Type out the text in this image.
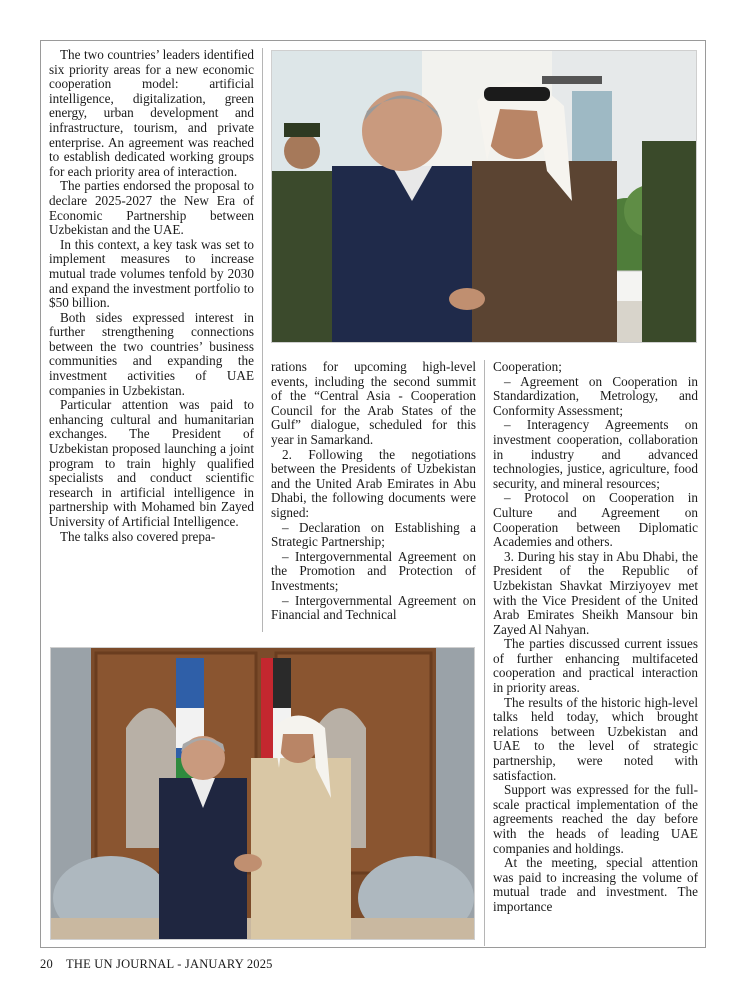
The two countries’ leaders identified six priority areas for a new economic cooperation model: artificial intelligence, digitalization, green energy, urban development and infrastructure, tourism, and private enterprise. An agreement was reached to establish dedicated working groups for each priority area of interaction.

The parties endorsed the proposal to declare 2025-2027 the New Era of Economic Partnership between Uzbekistan and the UAE.

In this context, a key task was set to implement measures to increase mutual trade volumes tenfold by 2030 and expand the investment portfolio to $50 billion.

Both sides expressed interest in further strengthening connections between the two countries’ business communities and expanding the investment activities of UAE companies in Uzbekistan.

Particular attention was paid to enhancing cultural and humanitarian exchanges. The President of Uzbekistan proposed launching a joint program to train highly qualified specialists and conduct scientific research in artificial intelligence in partnership with Mohamed bin Zayed University of Artificial Intelligence.

The talks also covered prepa-

rations for upcoming high-level events, including the second summit of the “Central Asia - Cooperation Council for the Arab States of the Gulf” dialogue, scheduled for this year in Samarkand.

2. Following the negotiations between the Presidents of Uzbekistan and the United Arab Emirates in Abu Dhabi, the following documents were signed:

– Declaration on Establishing a Strategic Partnership;

– Intergovernmental Agreement on the Promotion and Protection of Investments;

– Intergovernmental Agreement on Financial and Technical

Cooperation;

– Agreement on Cooperation in Standardization, Metrology, and Conformity Assessment;

– Interagency Agreements on investment cooperation, collaboration in industry and advanced technologies, justice, agriculture, food security, and mineral resources;

– Protocol on Cooperation in Culture and Agreement on Cooperation between Diplomatic Academies and others.

3. During his stay in Abu Dhabi, the President of the Republic of Uzbekistan Shavkat Mirziyoyev met with the Vice President of the United Arab Emirates Sheikh Mansour bin Zayed Al Nahyan.

The parties discussed current issues of further enhancing multifaceted cooperation and practical interaction in priority areas.

The results of the historic high-level talks held today, which brought relations between Uzbekistan and UAE to the level of strategic partnership, were noted with satisfaction.

Support was expressed for the full-scale practical implementation of the agreements reached the day before with the heads of leading UAE companies and holdings.

At the meeting, special attention was paid to increasing the volume of mutual trade and investment. The importance

20 THE UN JOURNAL - JANUARY 2025
